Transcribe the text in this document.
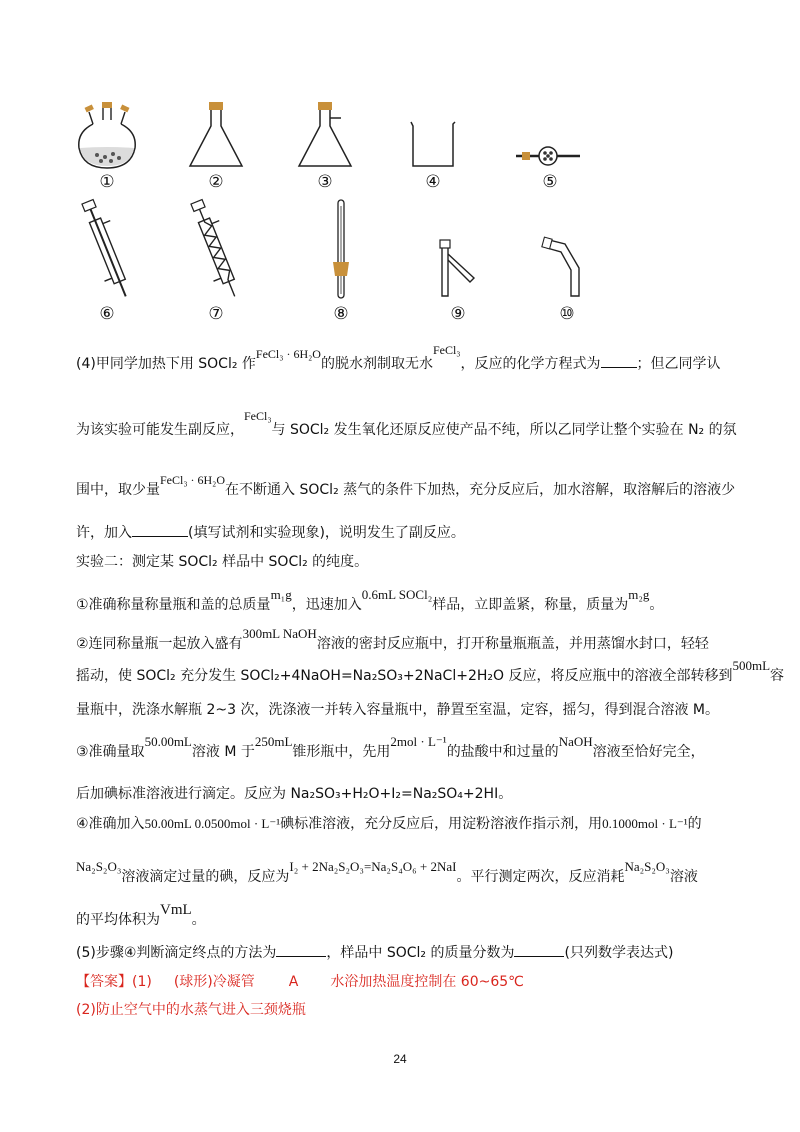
①	②	③	④	⑤
⑥	⑦	⑧	⑨	⑩
(4)甲同学加热下用 SOCl₂ 作FeCl₃ · 6H₂O的脱水剂制取无水FeCl₃，反应的化学方程式为	；但乙同学认
为该实验可能发生副反应，FeCl₃与 SOCl₂ 发生氧化还原反应使产品不纯，所以乙同学让整个实验在 N₂ 的氛
围中，取少量FeCl₃ · 6H₂O在不断通入 SOCl₂ 蒸气的条件下加热，充分反应后，加水溶解，取溶解后的溶液少
许，加入	(填写试剂和实验现象)，说明发生了副反应。
实验二：测定某 SOCl₂ 样品中 SOCl₂ 的纯度。
①准确称量称量瓶和盖的总质量m₁g，迅速加入0.6mL SOCl₂样品，立即盖紧，称量，质量为m₂g。
②连同称量瓶一起放入盛有300mL NaOH溶液的密封反应瓶中，打开称量瓶瓶盖，并用蒸馏水封口，轻轻
摇动，使 SOCl₂ 充分发生 SOCl₂+4NaOH=Na₂SO₃+2NaCl+2H₂O 反应，将反应瓶中的溶液全部转移到500mL容
量瓶中，洗涤水解瓶 2~3 次，洗涤液一并转入容量瓶中，静置至室温，定容，摇匀，得到混合溶液 M。
③准确量取50.00mL溶液 M 于250mL锥形瓶中，先用2mol · L⁻¹的盐酸中和过量的NaOH溶液至恰好完全，
后加碘标准溶液进行滴定。反应为 Na₂SO₃+H₂O+I₂=Na₂SO₄+2HI。
④准确加入50.00mL 0.0500mol · L⁻¹碘标准溶液，充分反应后，用淀粉溶液作指示剂，用0.1000mol · L⁻¹的
Na₂S₂O₃溶液滴定过量的碘，反应为I₂ + 2Na₂S₂O₃=Na₂S₄O₆ + 2NaI。平行测定两次，反应消耗Na₂S₂O₃溶液
的平均体积为VmL。
(5)步骤④判断滴定终点的方法为	，样品中 SOCl₂ 的质量分数为	(只列数学表达式)
【答案】(1) (球形)冷凝管 A 水浴加热温度控制在 60~65℃
(2)防止空气中的水蒸气进入三颈烧瓶
24
